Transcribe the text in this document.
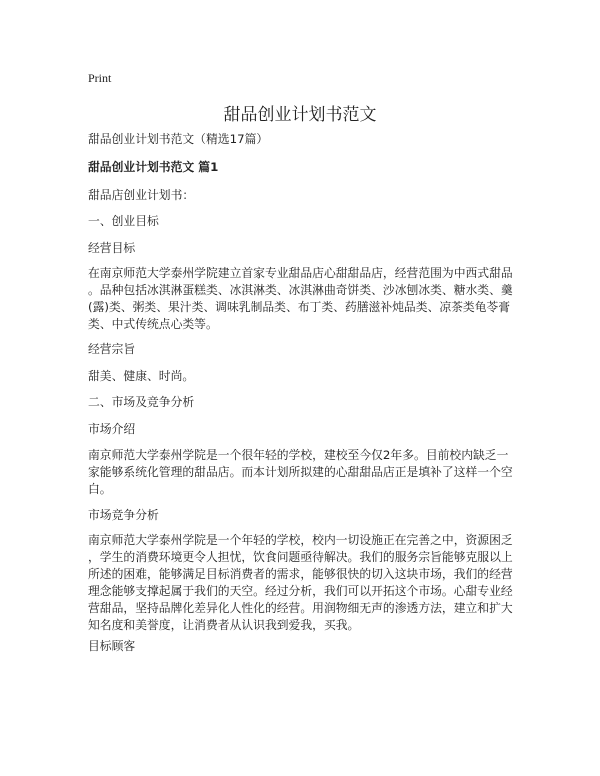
Print
甜品创业计划书范文
甜品创业计划书范文（精选17篇）
甜品创业计划书范文 篇1
甜品店创业计划书：
一、创业目标
经营目标
在南京师范大学泰州学院建立首家专业甜品店心甜甜品店，经营范围为中西式甜品
。品种包括冰淇淋蛋糕类、冰淇淋类、冰淇淋曲奇饼类、沙冰刨冰类、糖水类、羹
(露)类、粥类、果汁类、调味乳制品类、布丁类、药膳滋补炖品类、凉茶类龟苓膏
类、中式传统点心类等。
经营宗旨
甜美、健康、时尚。
二、市场及竞争分析
市场介绍
南京师范大学泰州学院是一个很年轻的学校，建校至今仅2年多。目前校内缺乏一
家能够系统化管理的甜品店。而本计划所拟建的心甜甜品店正是填补了这样一个空
白。
市场竞争分析
南京师范大学泰州学院是一个年轻的学校，校内一切设施正在完善之中，资源困乏
，学生的消费环境更令人担忧，饮食问题亟待解决。我们的服务宗旨能够克服以上
所述的困难，能够满足目标消费者的需求，能够很快的切入这块市场，我们的经营
理念能够支撑起属于我们的天空。经过分析，我们可以开拓这个市场。心甜专业经
营甜品，坚持品牌化差异化人性化的经营。用润物细无声的渗透方法，建立和扩大
知名度和美誉度，让消费者从认识我到爱我，买我。
目标顾客
